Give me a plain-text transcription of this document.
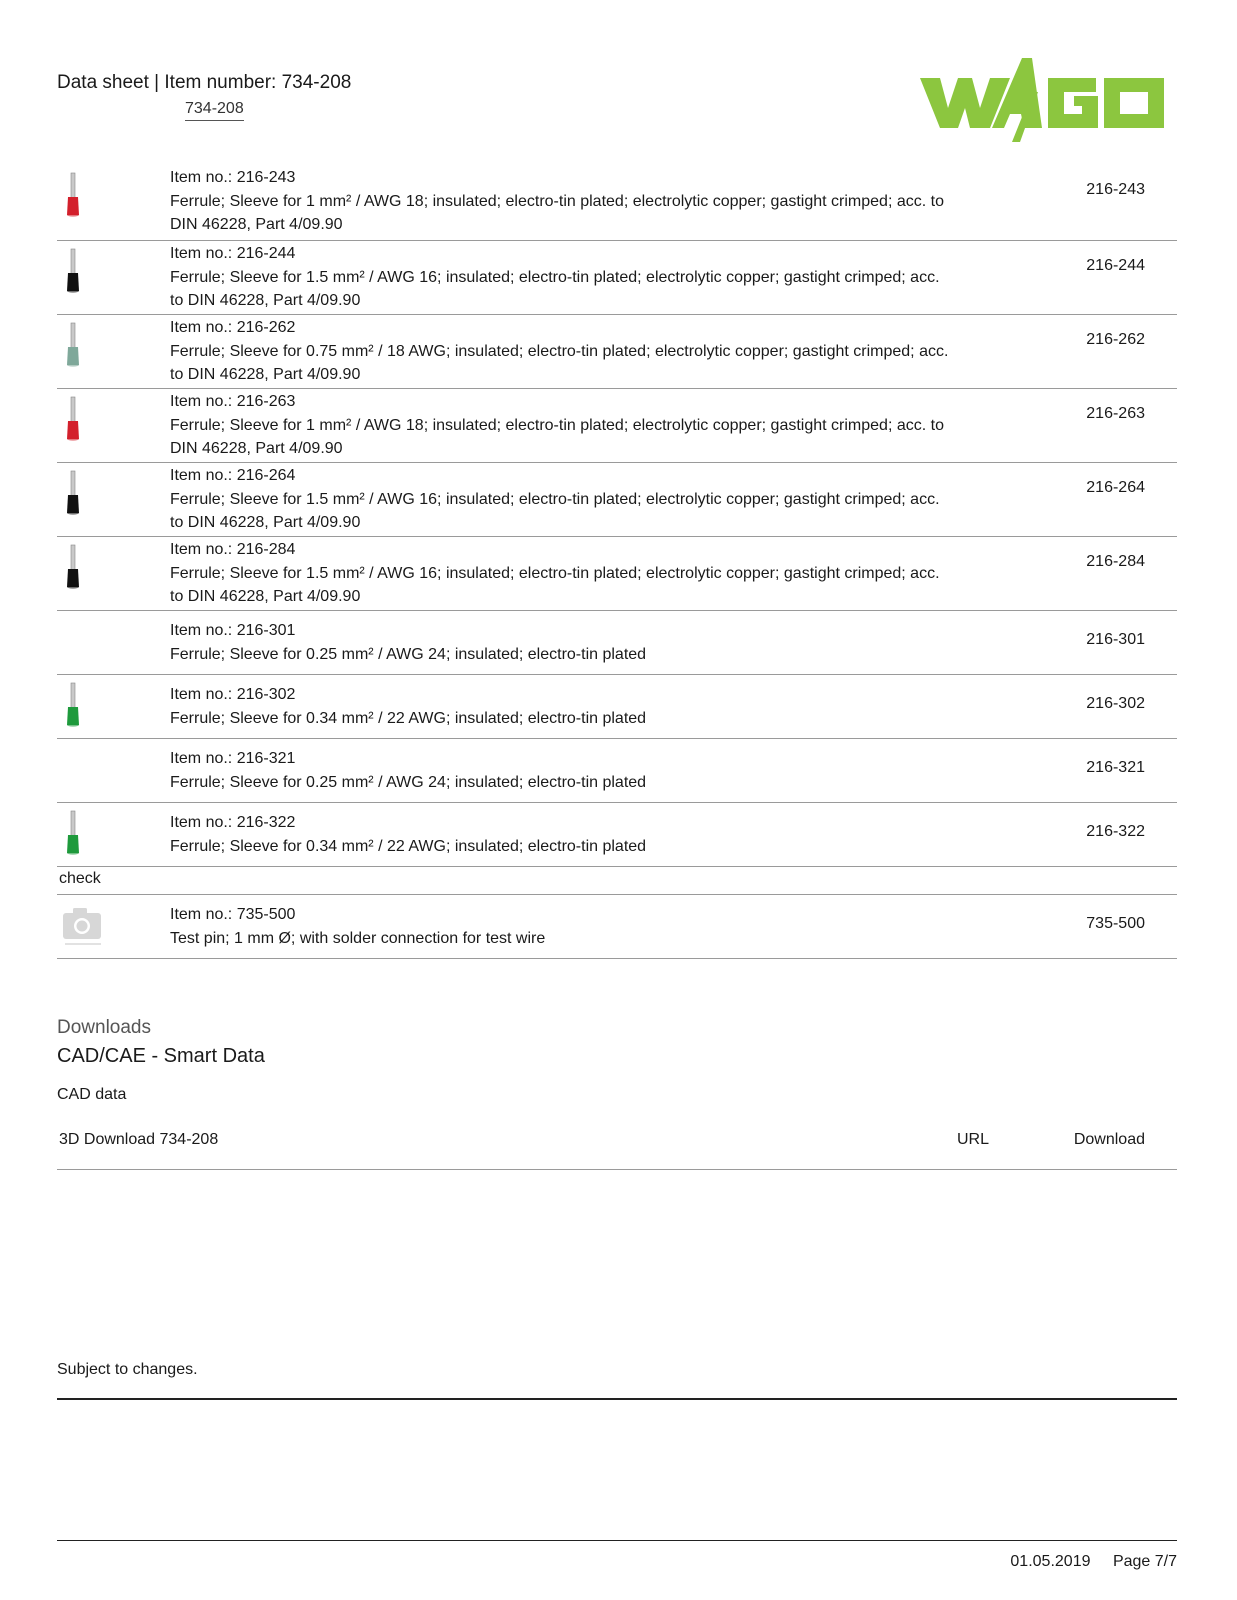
Data sheet | Item number: 734-208
734-208
Item no.: 216-243
Ferrule; Sleeve for 1 mm² / AWG 18; insulated; electro-tin plated; electrolytic copper; gastight crimped; acc. to DIN 46228, Part 4/09.90
216-243
Item no.: 216-244
Ferrule; Sleeve for 1.5 mm² / AWG 16; insulated; electro-tin plated; electrolytic copper; gastight crimped; acc. to DIN 46228, Part 4/09.90
216-244
Item no.: 216-262
Ferrule; Sleeve for 0.75 mm² / 18 AWG; insulated; electro-tin plated; electrolytic copper; gastight crimped; acc. to DIN 46228, Part 4/09.90
216-262
Item no.: 216-263
Ferrule; Sleeve for 1 mm² / AWG 18; insulated; electro-tin plated; electrolytic copper; gastight crimped; acc. to DIN 46228, Part 4/09.90
216-263
Item no.: 216-264
Ferrule; Sleeve for 1.5 mm² / AWG 16; insulated; electro-tin plated; electrolytic copper; gastight crimped; acc. to DIN 46228, Part 4/09.90
216-264
Item no.: 216-284
Ferrule; Sleeve for 1.5 mm² / AWG 16; insulated; electro-tin plated; electrolytic copper; gastight crimped; acc. to DIN 46228, Part 4/09.90
216-284
Item no.: 216-301
Ferrule; Sleeve for 0.25 mm² / AWG 24; insulated; electro-tin plated
216-301
Item no.: 216-302
Ferrule; Sleeve for 0.34 mm² / 22 AWG; insulated; electro-tin plated
216-302
Item no.: 216-321
Ferrule; Sleeve for 0.25 mm² / AWG 24; insulated; electro-tin plated
216-321
Item no.: 216-322
Ferrule; Sleeve for 0.34 mm² / 22 AWG; insulated; electro-tin plated
216-322
check
Item no.: 735-500
Test pin; 1 mm Ø; with solder connection for test wire
735-500
Downloads
CAD/CAE - Smart Data
CAD data
3D Download 734-208	URL	Download
Subject to changes.
01.05.2019 Page 7/7
